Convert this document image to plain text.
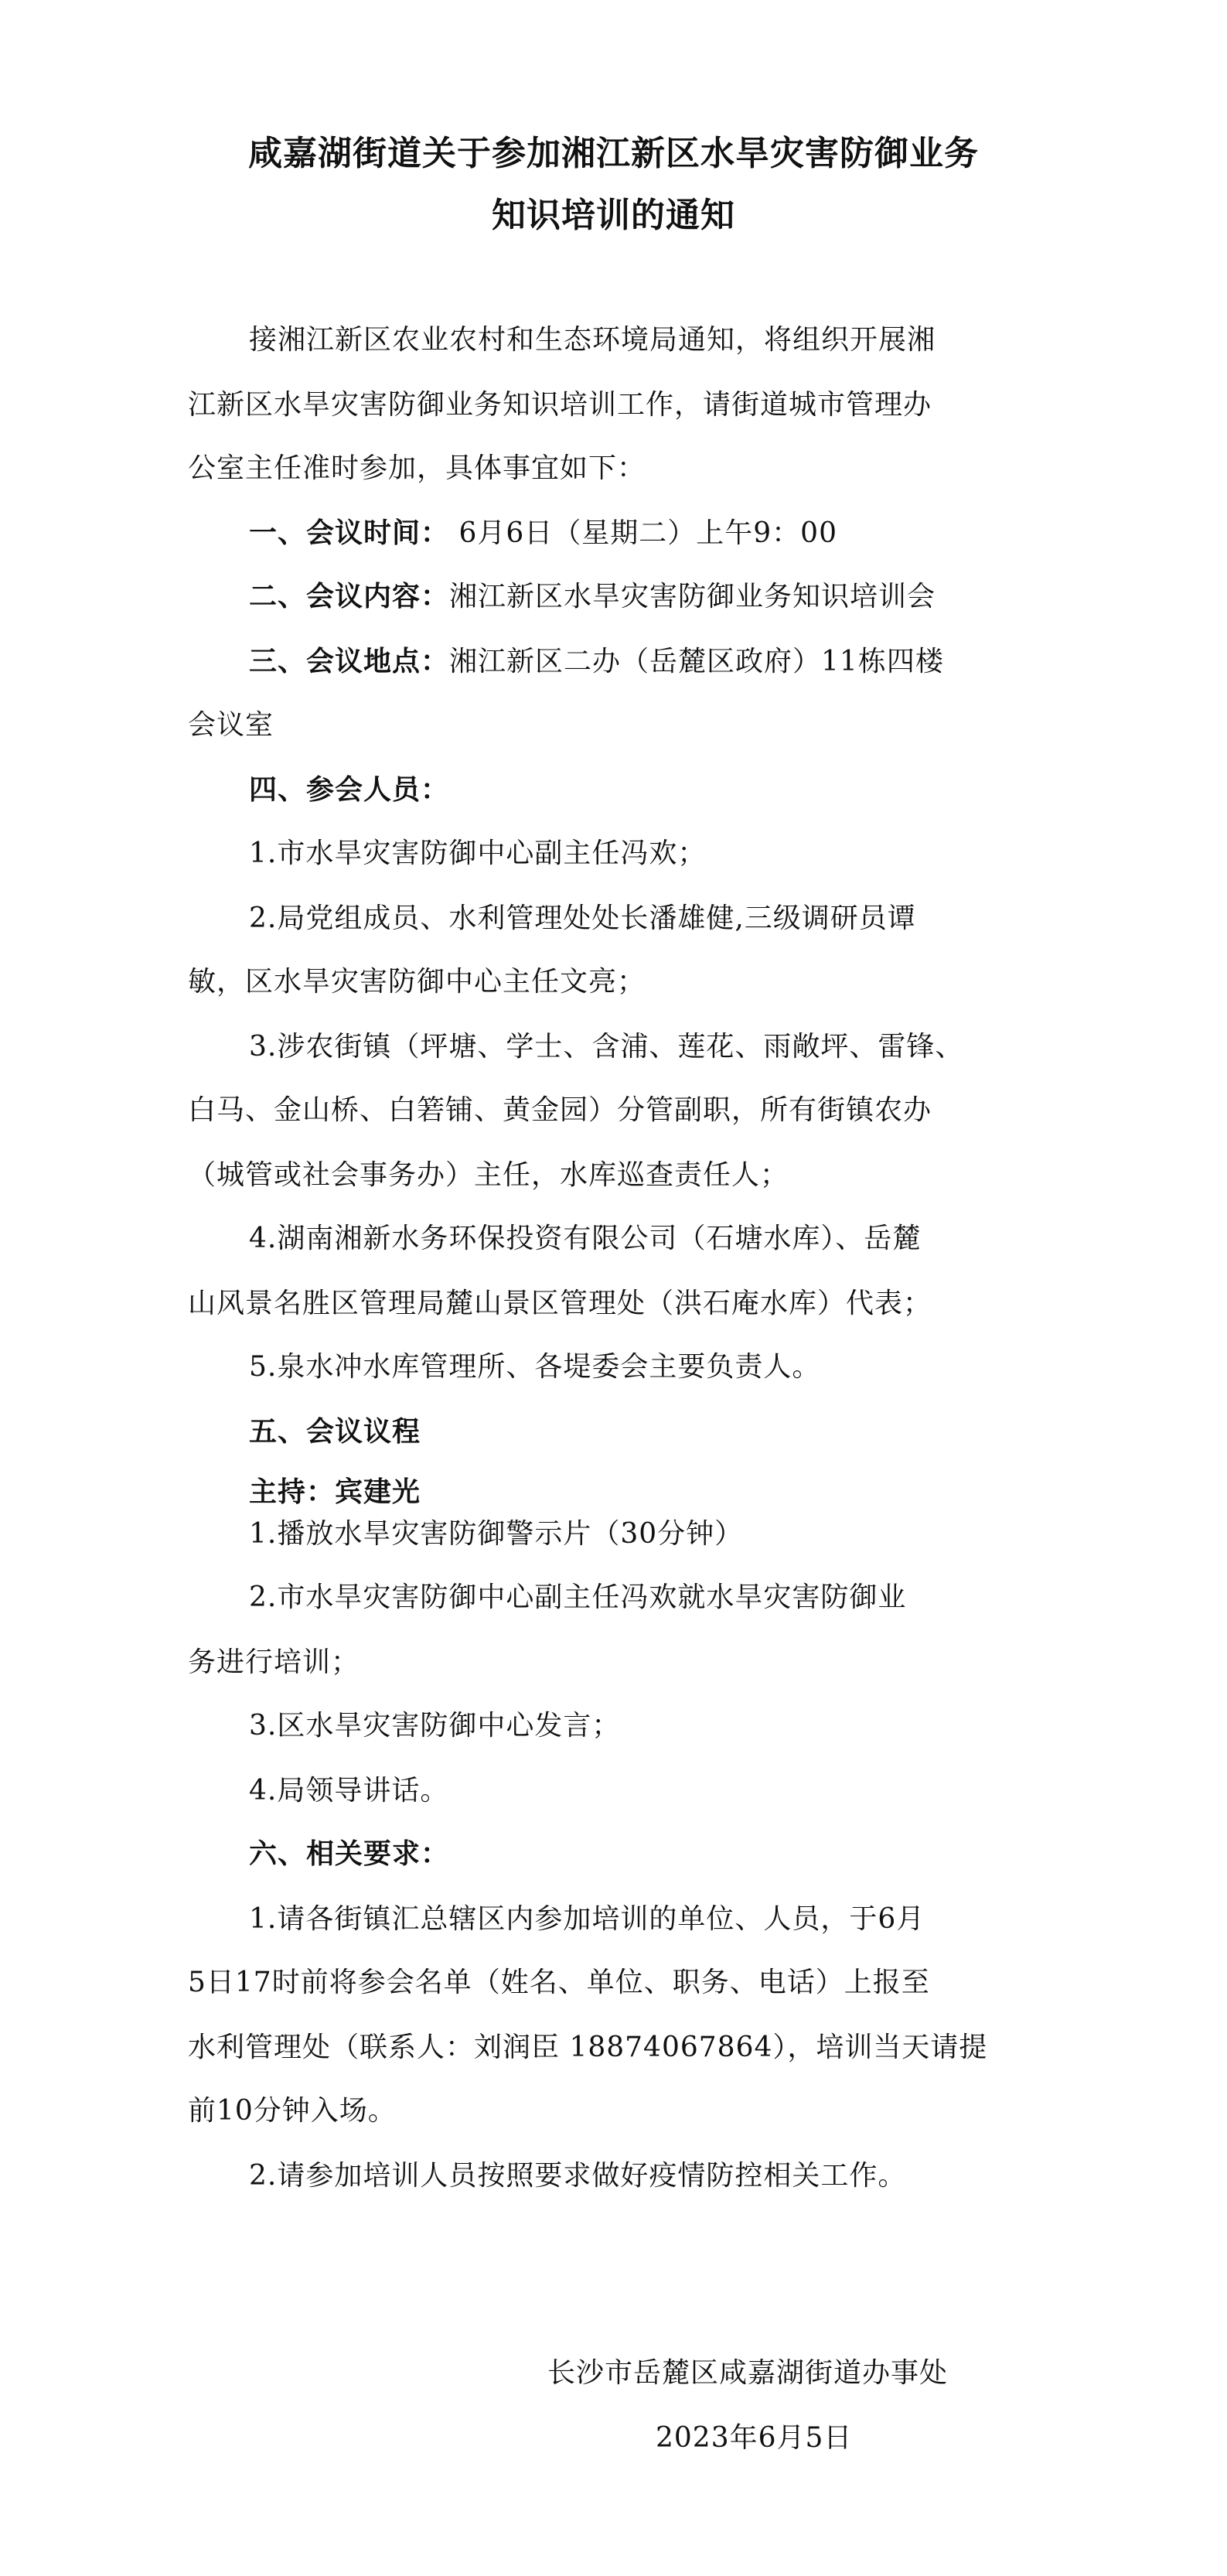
咸嘉湖街道关于参加湘江新区水旱灾害防御业务
知识培训的通知
接湘江新区农业农村和生态环境局通知，将组织开展湘
江新区水旱灾害防御业务知识培训工作，请街道城市管理办
公室主任准时参加，具体事宜如下：
一、会议时间： 6月6日（星期二）上午9：00
二、会议内容：湘江新区水旱灾害防御业务知识培训会
三、会议地点：湘江新区二办（岳麓区政府）11栋四楼
会议室
四、参会人员：
1.市水旱灾害防御中心副主任冯欢；
2.局党组成员、水利管理处处长潘雄健,三级调研员谭
敏，区水旱灾害防御中心主任文亮；
3.涉农街镇（坪塘、学士、含浦、莲花、雨敞坪、雷锋、
白马、金山桥、白箬铺、黄金园）分管副职，所有街镇农办
（城管或社会事务办）主任，水库巡查责任人；
4.湖南湘新水务环保投资有限公司（石塘水库）、岳麓
山风景名胜区管理局麓山景区管理处（洪石庵水库）代表；
5.泉水冲水库管理所、各堤委会主要负责人。
五、会议议程
主持：宾建光
1.播放水旱灾害防御警示片（30分钟）
2.市水旱灾害防御中心副主任冯欢就水旱灾害防御业
务进行培训；
3.区水旱灾害防御中心发言；
4.局领导讲话。
六、相关要求：
1.请各街镇汇总辖区内参加培训的单位、人员，于6月
5日17时前将参会名单（姓名、单位、职务、电话）上报至
水利管理处（联系人：刘润臣 18874067864），培训当天请提
前10分钟入场。
2.请参加培训人员按照要求做好疫情防控相关工作。
长沙市岳麓区咸嘉湖街道办事处
2023年6月5日
